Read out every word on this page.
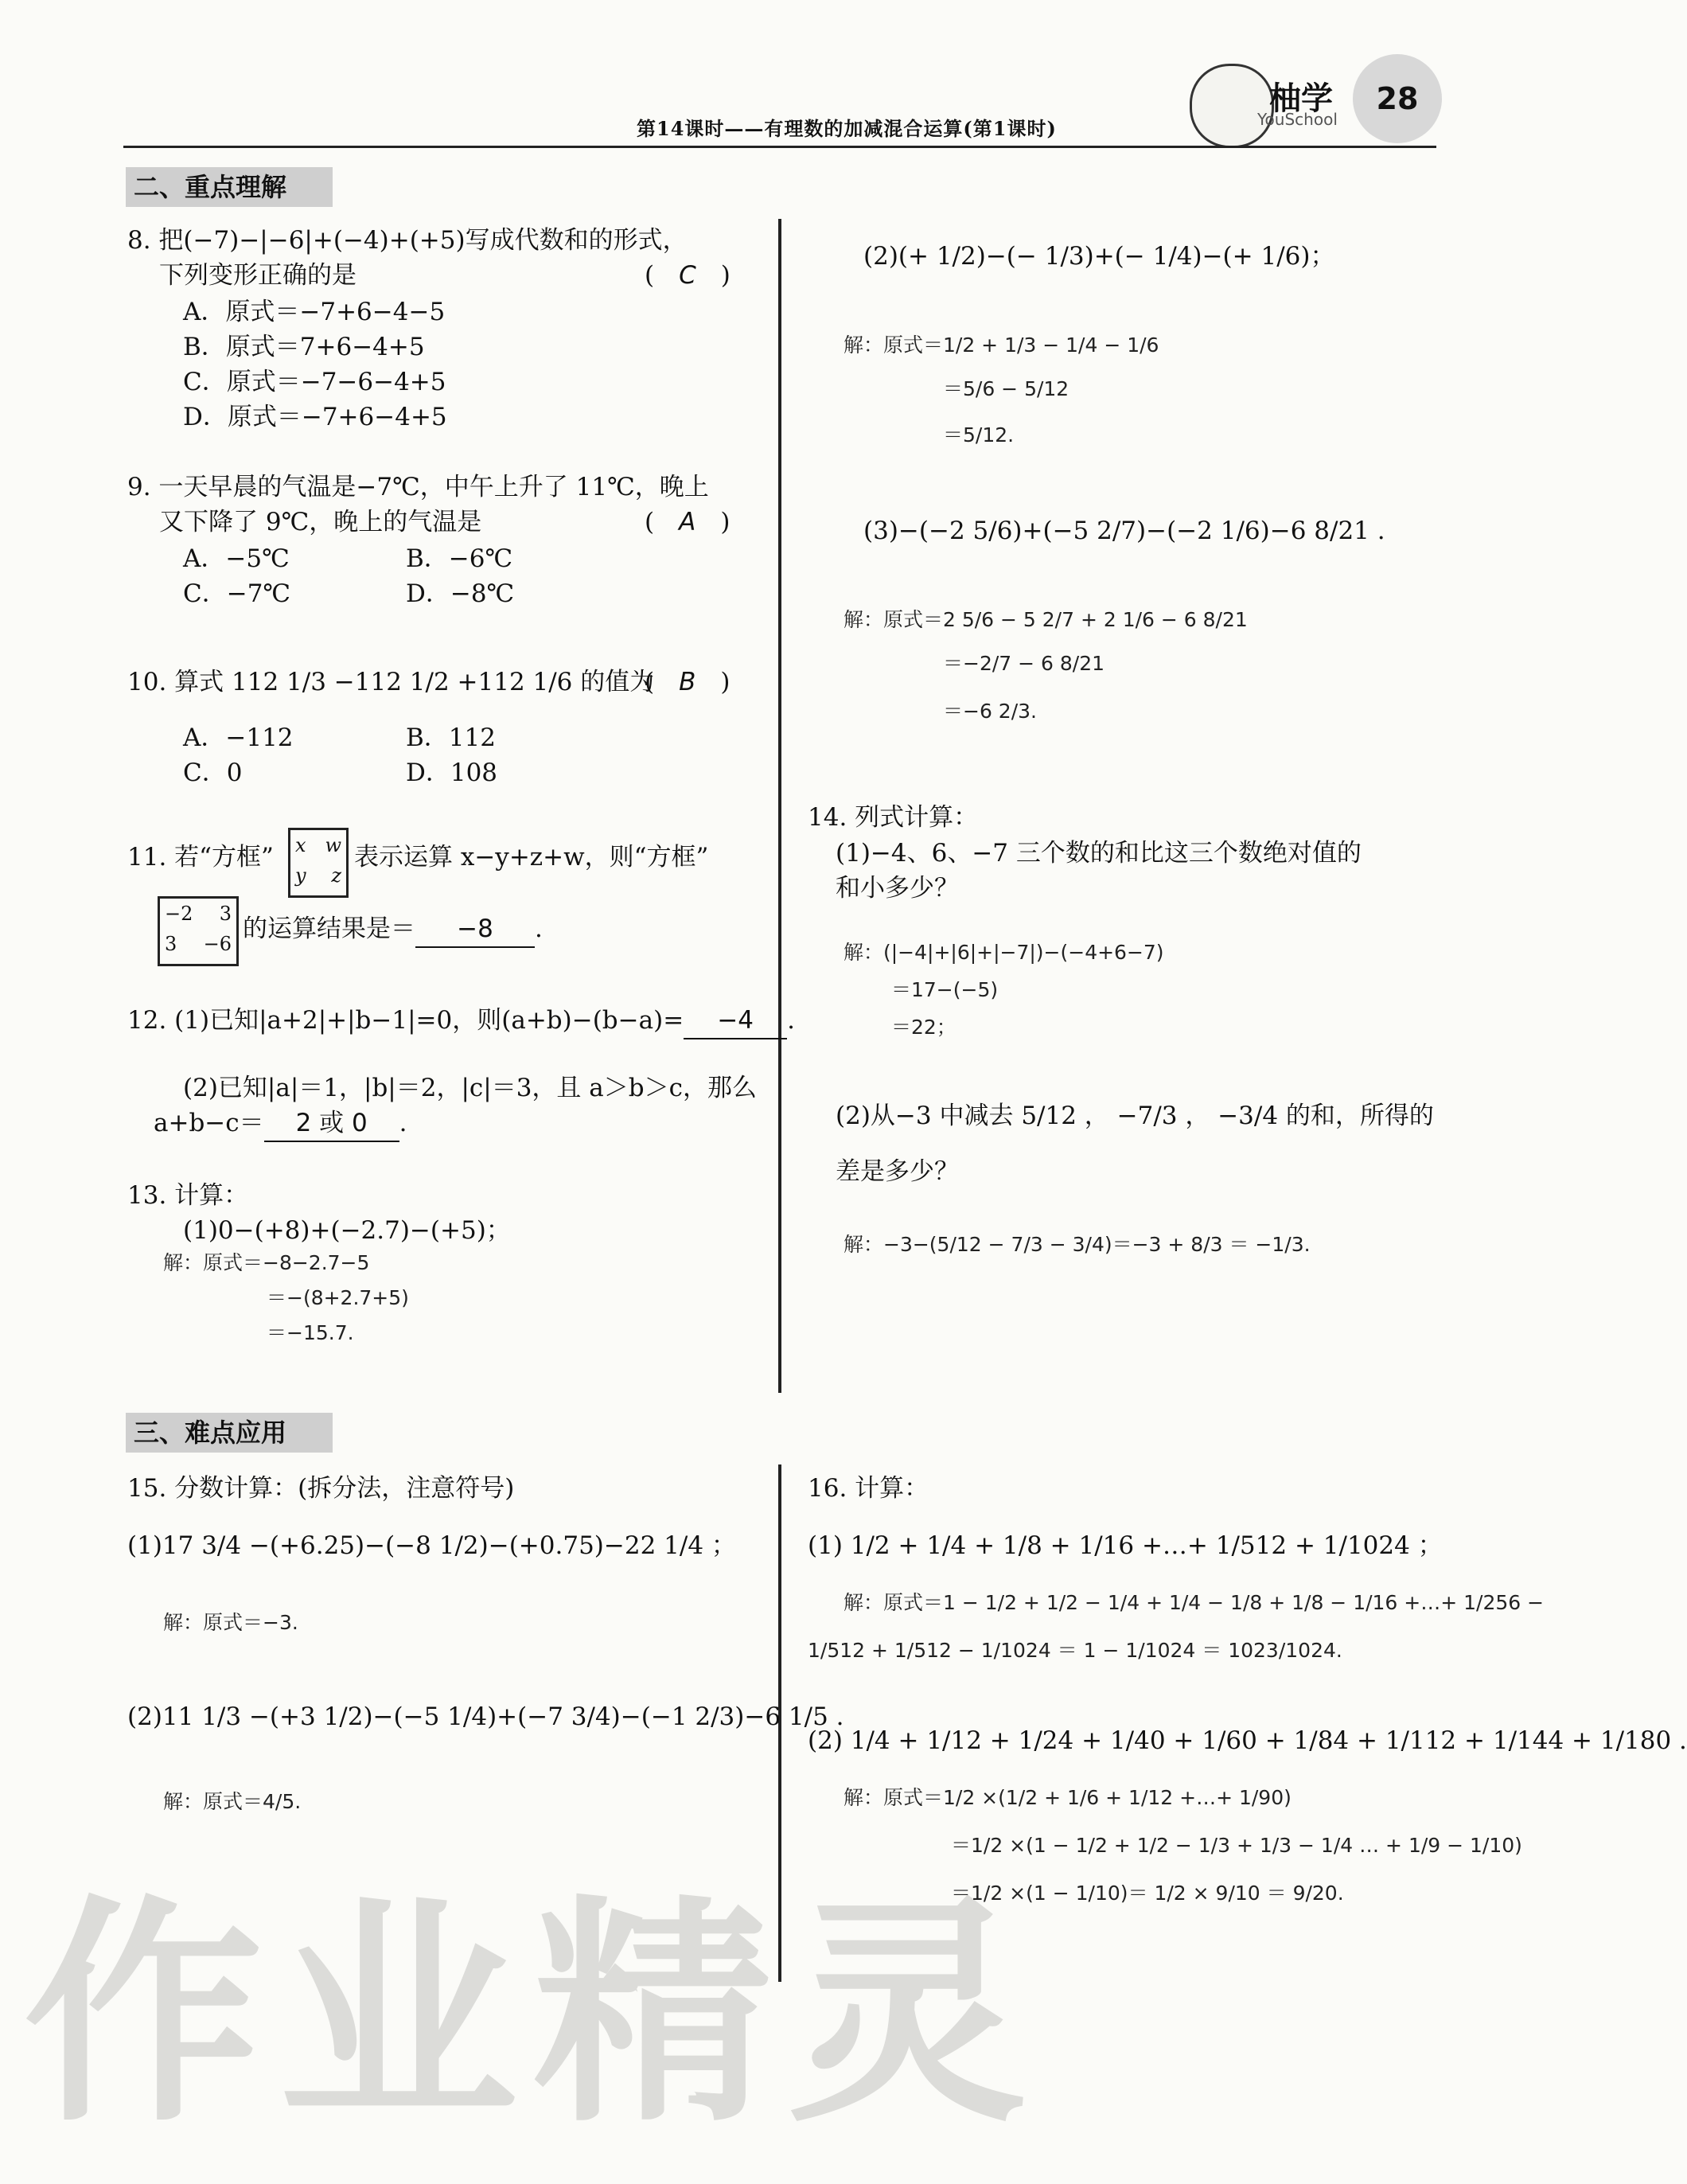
柚学
YouSchool
28
第14课时——有理数的加减混合运算(第1课时)
二、重点理解
8. 把(−7)−|−6|+(−4)+(+5)写成代数和的形式，
下列变形正确的是	(　C　)
A．原式＝−7+6−4−5
B．原式＝7+6−4+5
C．原式＝−7−6−4+5
D．原式＝−7+6−4+5
9. 一天早晨的气温是−7℃，中午上升了 11℃，晚上
又下降了 9℃，晚上的气温是	(　A　)
A．−5℃	B．−6℃
C．−7℃	D．−8℃
10. 算式 112 1/3 −112 1/2 +112 1/6 的值为
(　B　)
A．−112	B．112
C．0	D．108
11. 若“方框” x w
y z
表示运算 x−y+z+w，则“方框”
−2 3
3 −6
的运算结果是＝ −8 .
12. (1)已知|a+2|+|b−1|=0，则(a+b)−(b−a)= −4 .
(2)已知|a|＝1，|b|＝2，|c|＝3，且 a＞b＞c，那么
a+b−c＝ 2 或 0 .
13. 计算：
(1)0−(+8)+(−2.7)−(+5)；
解：原式＝−8−2.7−5
＝−(8+2.7+5)
＝−15.7.
(2)(+ 1/2)−(− 1/3)+(− 1/4)−(+ 1/6)；
解：原式＝1/2 + 1/3 − 1/4 − 1/6
＝5/6 − 5/12
＝5/12.
(3)−(−2 5/6)+(−5 2/7)−(−2 1/6)−6 8/21 .
解：原式＝2 5/6 − 5 2/7 + 2 1/6 − 6 8/21
＝−2/7 − 6 8/21
＝−6 2/3.
14. 列式计算：
(1)−4、6、−7 三个数的和比这三个数绝对值的
和小多少？
解：(|−4|+|6|+|−7|)−(−4+6−7)
＝17−(−5)
＝22；
(2)从−3 中减去 5/12 ， −7/3 ， −3/4 的和，所得的
差是多少？
解：−3−(5/12 − 7/3 − 3/4)＝−3 + 8/3 ＝ −1/3.
三、难点应用
15. 分数计算：(拆分法，注意符号)
(1)17 3/4 −(+6.25)−(−8 1/2)−(+0.75)−22 1/4 ；
解：原式＝−3.
(2)11 1/3 −(+3 1/2)−(−5 1/4)+(−7 3/4)−(−1 2/3)−6 1/5 .
解：原式＝4/5.
16. 计算：
(1) 1/2 + 1/4 + 1/8 + 1/16 +…+ 1/512 + 1/1024 ；
解：原式＝1 − 1/2 + 1/2 − 1/4 + 1/4 − 1/8 + 1/8 − 1/16 +…+ 1/256 −
1/512 + 1/512 − 1/1024 ＝ 1 − 1/1024 ＝ 1023/1024.
(2) 1/4 + 1/12 + 1/24 + 1/40 + 1/60 + 1/84 + 1/112 + 1/144 + 1/180 .
解：原式＝1/2 ×(1/2 + 1/6 + 1/12 +…+ 1/90)
＝1/2 ×(1 − 1/2 + 1/2 − 1/3 + 1/3 − 1/4 … + 1/9 − 1/10)
＝1/2 ×(1 − 1/10)＝ 1/2 × 9/10 ＝ 9/20.
作业精灵
